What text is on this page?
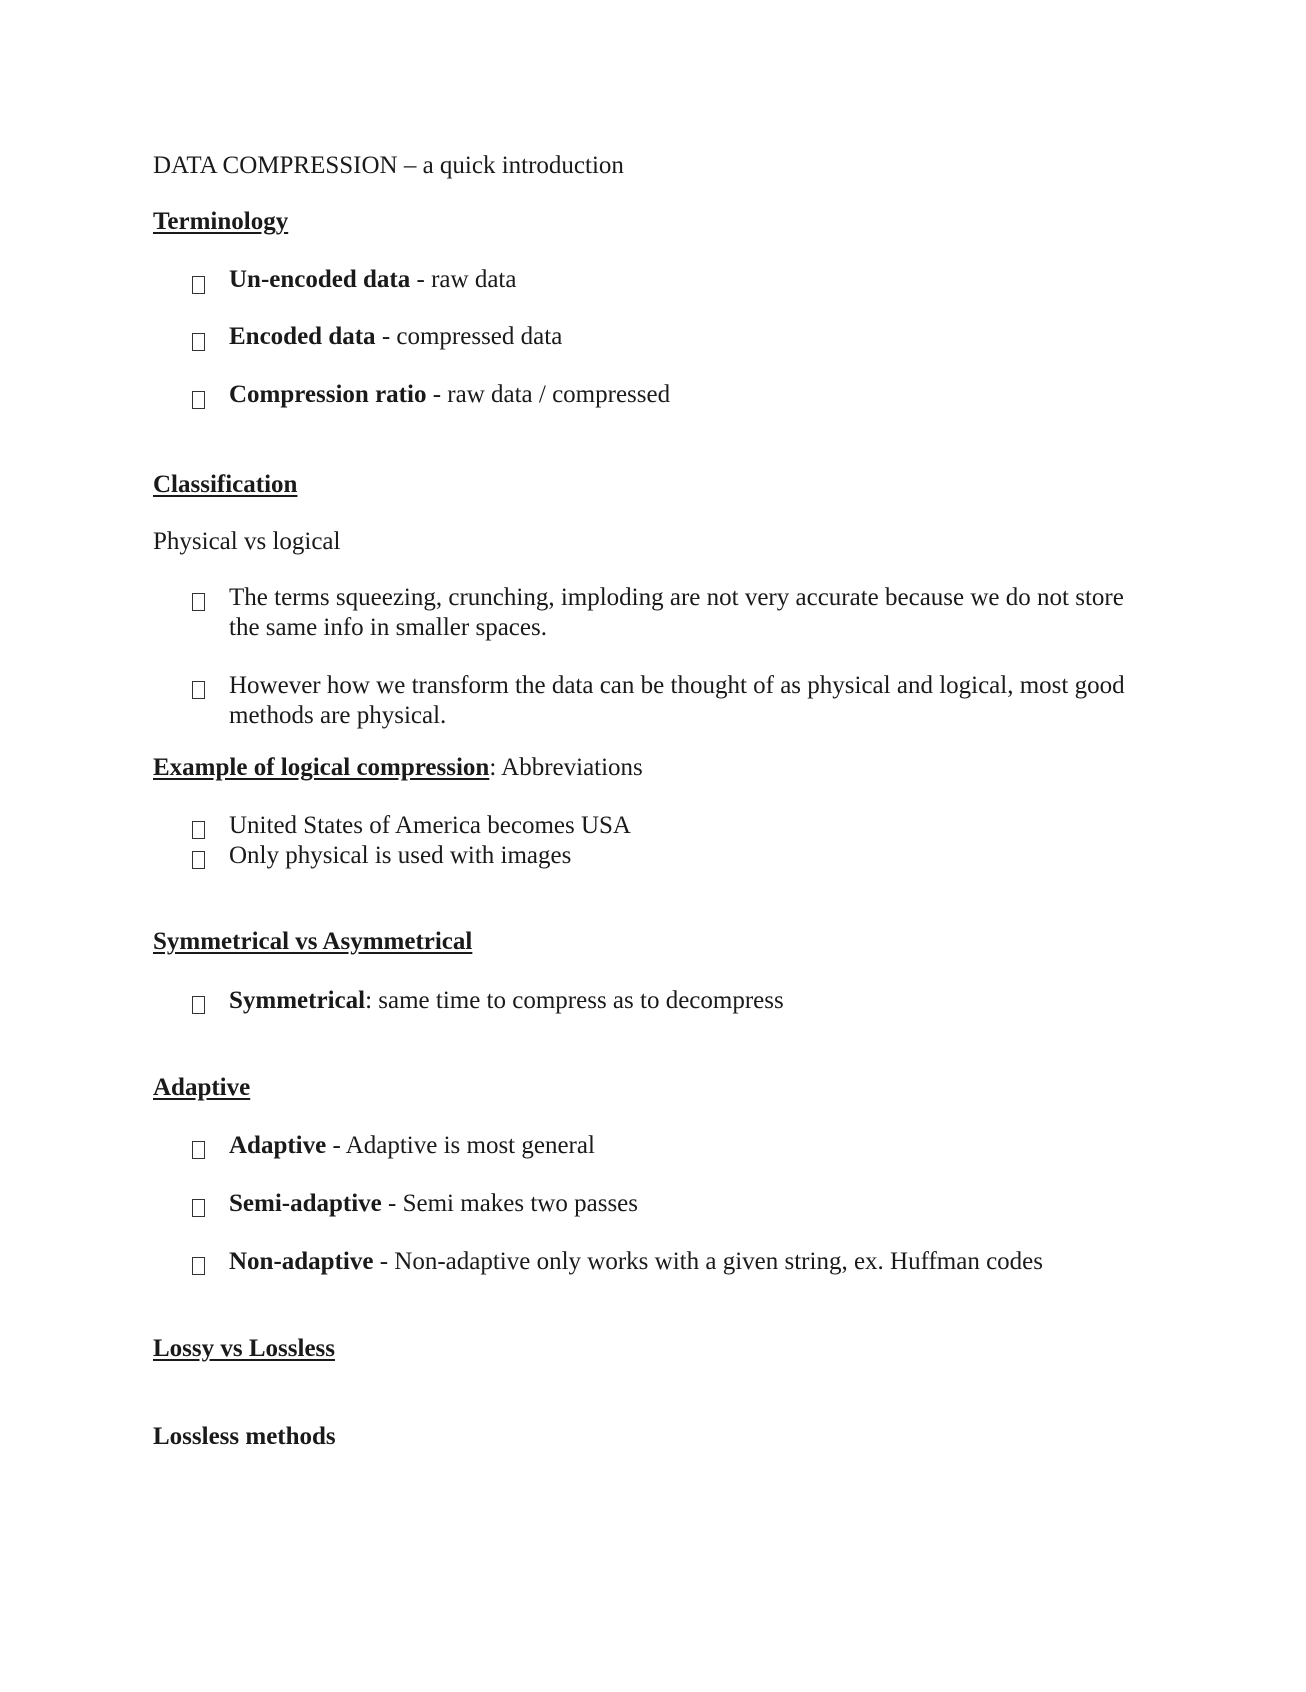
DATA COMPRESSION – a quick introduction
Terminology
Un-encoded data - raw data
Encoded data - compressed data
Compression ratio - raw data / compressed
Classification
Physical vs logical
The terms squeezing, crunching, imploding are not very accurate because we do not store the same info in smaller spaces.
However how we transform the data can be thought of as physical and logical, most good methods are physical.
Example of logical compression: Abbreviations
United States of America becomes USA
Only physical is used with images
Symmetrical vs Asymmetrical
Symmetrical: same time to compress as to decompress
Adaptive
Adaptive - Adaptive is most general
Semi-adaptive - Semi makes two passes
Non-adaptive - Non-adaptive only works with a given string, ex. Huffman codes
Lossy vs Lossless
Lossless methods
